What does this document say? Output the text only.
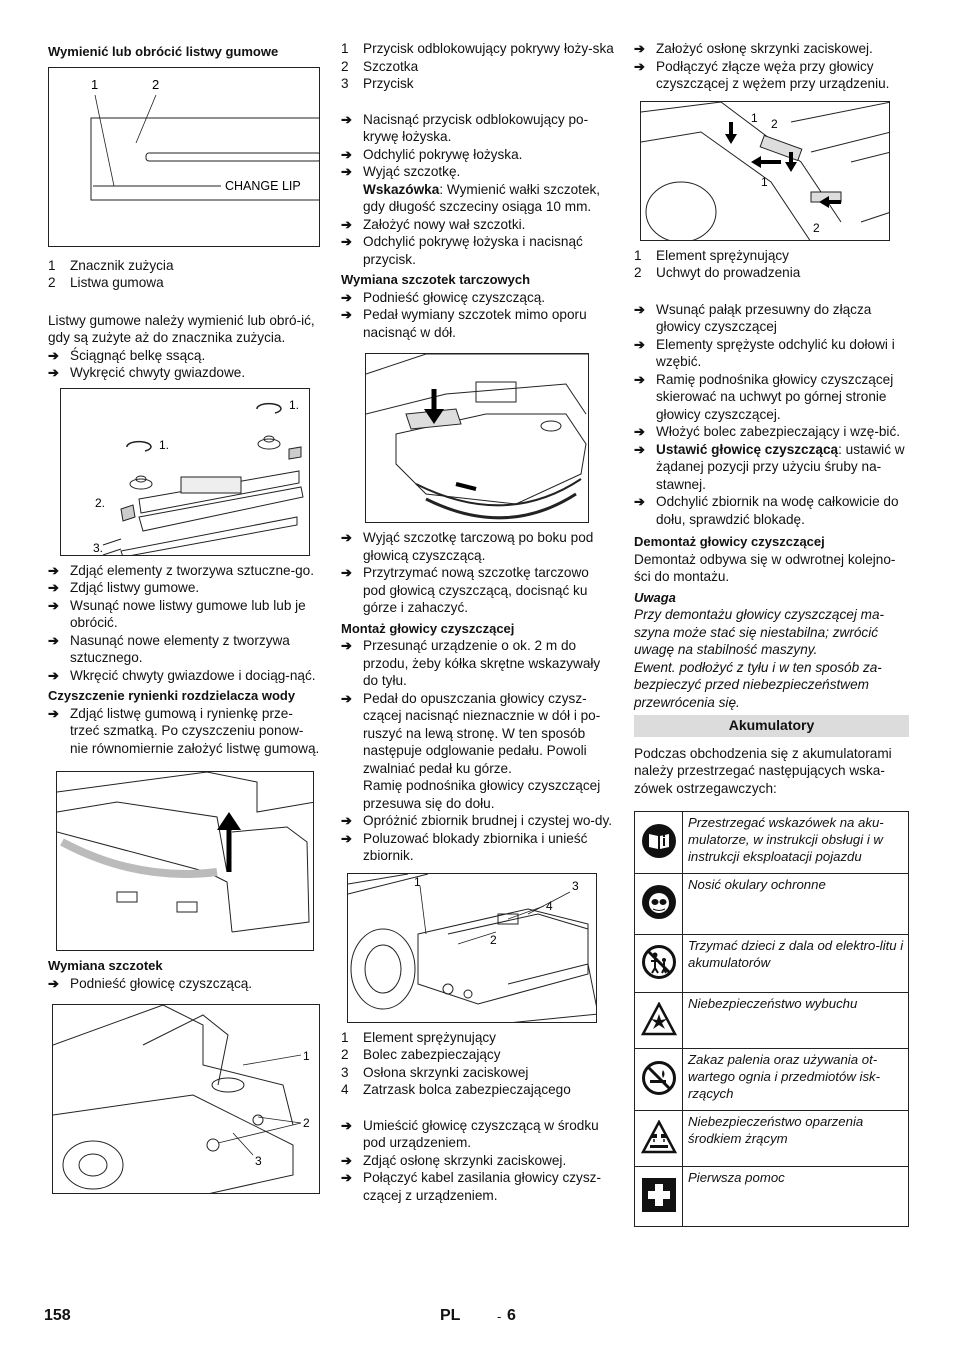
Wymienić lub obrócić listwy gumowe
1	2
CHANGE LIP
1	Znacznik zużycia
2	Listwa gumowa
Listwy gumowe należy wymienić lub obró-ić, gdy są zużyte aż do znacznika zużycia.
➔ Ściągnąć belkę ssącą.
➔ Wykręcić chwyty gwiazdowe.
1.
1.
2.
3.
➔ Zdjąć elementy z tworzywa sztuczne-go.
➔ Zdjąć listwy gumowe.
➔ Wsunąć nowe listwy gumowe lub lub je obrócić.
➔ Nasunąć nowe elementy z tworzywa sztucznego.
➔ Wkręcić chwyty gwiazdowe i dociąg-nąć.
Czyszczenie rynienki rozdzielacza wody
➔ Zdjąć listwę gumową i rynienkę prze-trzeć szmatką. Po czyszczeniu ponow-nie równomiernie założyć listwę gumową.
Wymiana szczotek
➔ Podnieść głowicę czyszczącą.
1
2
3
1	Przycisk odblokowujący pokrywy łoży-ska
2	Szczotka
3	Przycisk
➔ Nacisnąć przycisk odblokowujący po-krywę łożyska.
➔ Odchylić pokrywę łożyska.
➔ Wyjąć szczotkę.
Wskazówka: Wymienić wałki szczotek, gdy długość szczeciny osiąga 10 mm.
➔ Założyć nowy wał szczotki.
➔ Odchylić pokrywę łożyska i nacisnąć przycisk.
Wymiana szczotek tarczowych
➔ Podnieść głowicę czyszczącą.
➔ Pedał wymiany szczotek mimo oporu nacisnąć w dół.
➔ Wyjąć szczotkę tarczową po boku pod głowicą czyszczącą.
➔ Przytrzymać nową szczotkę tarczowo pod głowicą czyszczącą, docisnąć ku górze i zahaczyć.
Montaż głowicy czyszczącej
➔ Przesunąć urządzenie o ok. 2 m do przodu, żeby kółka skrętne wskazywały do tyłu.
➔ Pedał do opuszczania głowicy czysz-czącej nacisnąć nieznacznie w dół i po-ruszyć na lewą stronę. W ten sposób następuje odglowanie pedału. Powoli zwalniać pedał ku górze.
Ramię podnośnika głowicy czyszczącej przesuwa się do dołu.
➔ Opróżnić zbiornik brudnej i czystej wo-dy.
➔ Poluzować blokady zbiornika i unieść zbiornik.
1
2
3
4
1	Element sprężynujący
2	Bolec zabezpieczający
3	Osłona skrzynki zaciskowej
4	Zatrzask bolca zabezpieczającego
➔ Umieścić głowicę czyszczącą w środku pod urządzeniem.
➔ Zdjąć osłonę skrzynki zaciskowej.
➔ Połączyć kabel zasilania głowicy czysz-czącej z urządzeniem.
➔ Założyć osłonę skrzynki zaciskowej.
➔ Podłączyć złącze węża przy głowicy czyszczącej z wężem przy urządzeniu.
1 2
1
2
1	Element sprężynujący
2	Uchwyt do prowadzenia
➔ Wsunąć pałąk przesuwny do złącza głowicy czyszczącej
➔ Elementy sprężyste odchylić ku dołowi i wzębić.
➔ Ramię podnośnika głowicy czyszczącej skierować na uchwyt po górnej stronie głowicy czyszczącej.
➔ Włożyć bolec zabezpieczający i wzę-bić.
➔ Ustawić głowicę czyszczącą: ustawić w żądanej pozycji przy użyciu śruby na-stawnej.
➔ Odchylić zbiornik na wodę całkowicie do dołu, sprawdzić blokadę.
Demontaż głowicy czyszczącej
Demontaż odbywa się w odwrotnej kolejno-ści do montażu.
Uwaga
Przy demontażu głowicy czyszczącej ma-szyna może stać się niestabilna; zwrócić uwagę na stabilność maszyny.
Ewent. podłożyć z tyłu i w ten sposób za-bezpieczyć przed niebezpieczeństwem przewrócenia się.
Akumulatory
Podczas obchodzenia się z akumulatorami należy przestrzegać następujących wska-zówek ostrzegawczych:
	Przestrzegać wskazówek na aku-mulatorze, w instrukcji obsługi i w instrukcji eksploatacji pojazdu
	Nosić okulary ochronne
	Trzymać dzieci z dala od elektro-litu i akumulatorów
	Niebezpieczeństwo wybuchu
	Zakaz palenia oraz używania ot-wartego ognia i przedmiotów isk-rzących
	Niebezpieczeństwo oparzenia środkiem żrącym
	Pierwsza pomoc
158	PL	- 6
